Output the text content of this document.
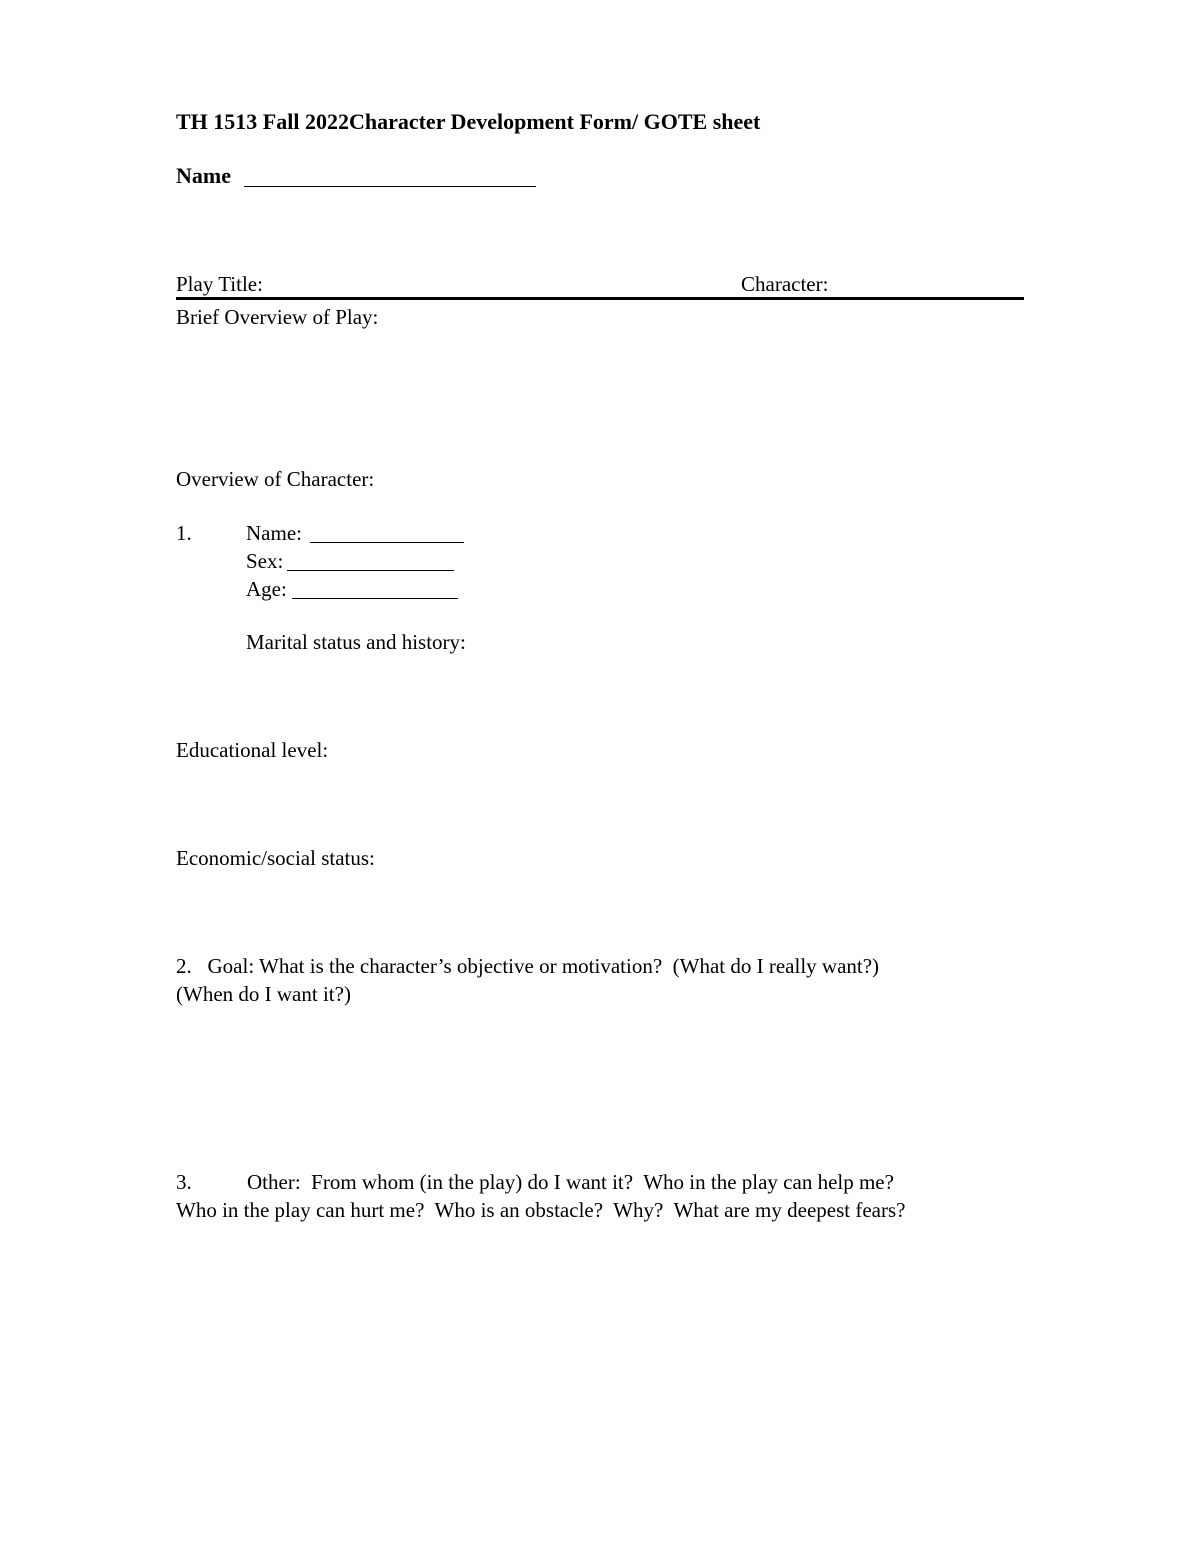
TH 1513 Fall 2022Character Development Form/ GOTE sheet
Name
Play Title:	Character:
Brief Overview of Play:
Overview of Character:
1.	Name:
Sex:
Age:
Marital status and history:
Educational level:
Economic/social status:
2.   Goal: What is the character’s objective or motivation?  (What do I really want?)
(When do I want it?)
3.	Other:  From whom (in the play) do I want it?  Who in the play can help me?
Who in the play can hurt me?  Who is an obstacle?  Why?  What are my deepest fears?
